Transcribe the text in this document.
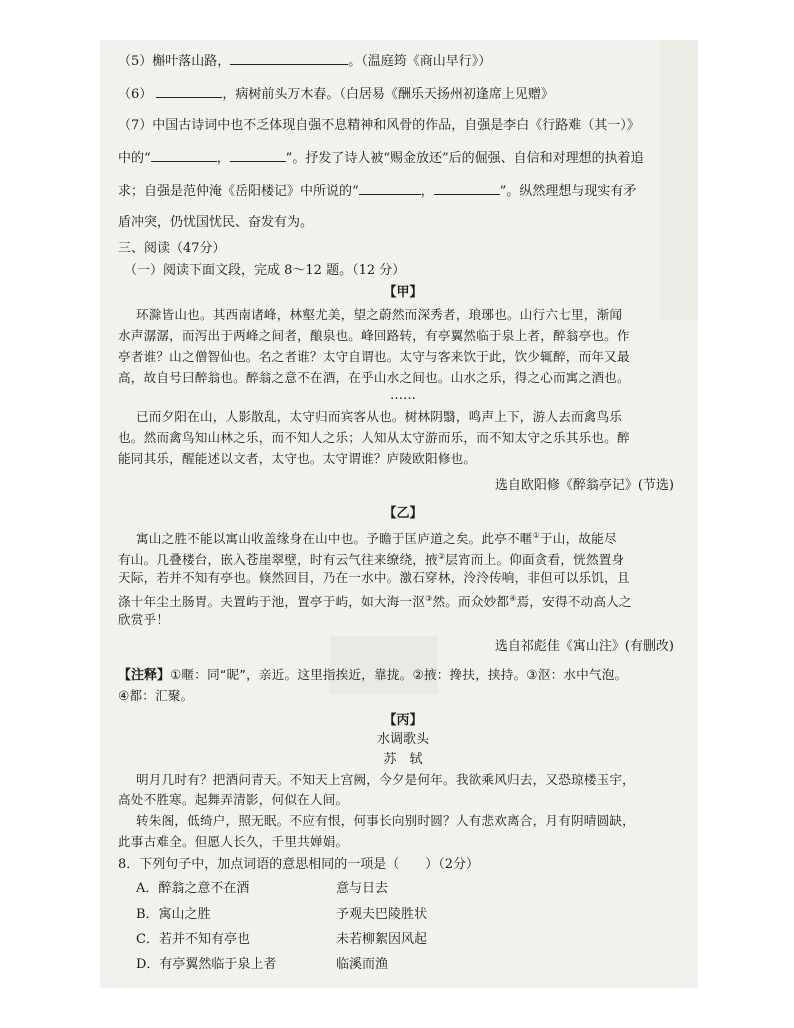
（5）槲叶落山路，	。（温庭筠《商山早行》）
（6）	，病树前头万木春。（白居易《酬乐天扬州初逢席上见赠》
（7）中国古诗词中也不乏体现自强不息精神和风骨的作品，自强是李白《行路难（其一）》
中的“	，	”。抒发了诗人被“赐金放还”后的倔强、自信和对理想的执着追
求；自强是范仲淹《岳阳楼记》中所说的“	，	”。纵然理想与现实有矛
盾冲突，仍忧国忧民、奋发有为。
三、阅读（47分）
（一）阅读下面文段，完成 8～12 题。（12 分）
【甲】
环滁皆山也。其西南诸峰，林壑尤美，望之蔚然而深秀者，琅琊也。山行六七里，渐闻
水声潺潺，而泻出于两峰之间者，酿泉也。峰回路转，有亭翼然临于泉上者，醉翁亭也。作
亭者谁？山之僧智仙也。名之者谁？太守自谓也。太守与客来饮于此，饮少辄醉，而年又最
高，故自号曰醉翁也。醉翁之意不在酒，在乎山水之间也。山水之乐，得之心而寓之酒也。
……
已而夕阳在山，人影散乱，太守归而宾客从也。树林阴翳，鸣声上下，游人去而禽鸟乐
也。然而禽鸟知山林之乐，而不知人之乐；人知从太守游而乐，而不知太守之乐其乐也。醉
能同其乐，醒能述以文者，太守也。太守谓谁？庐陵欧阳修也。
选自欧阳修《醉翁亭记》(节选)
【乙】
寓山之胜不能以寓山收盖缘身在山中也。予瞻于匡庐道之矣。此亭不暱①于山，故能尽
有山。几叠楼台，嵌入苍崖翠壁，时有云气往来缭绕，掖②层宵而上。仰面贪看，恍然置身
天际，若并不知有亭也。倏然回目，乃在一水中。激石穿林，泠泠传响，非但可以乐饥，且
涤十年尘土肠胃。夫置屿于池，置亭于屿，如大海一沤③然。而众妙都④焉，安得不动高人之
欣赏乎！
选自祁彪佳《寓山注》(有删改)
【注释】①暱：同“昵”，亲近。这里指挨近，靠拢。②掖：搀扶，挟持。③沤：水中气泡。
④都：汇聚。
【丙】
水调歌头
苏　轼
明月几时有？把酒问青天。不知天上宫阙，今夕是何年。我欲乘风归去，又恐琼楼玉宇，
高处不胜寒。起舞弄清影，何似在人间。
转朱阁，低绮户，照无眠。不应有恨，何事长向别时圆？人有悲欢离合，月有阴晴圆缺，
此事古难全。但愿人长久，千里共婵娟。
8．下列句子中，加点词语的意思相同的一项是（　　）（2分）
A．醉翁之意不在酒	意与日去
B．寓山之胜	予观夫巴陵胜状
C．若并不知有亭也	未若柳絮因风起
D．有亭翼然临于泉上者	临溪而渔
